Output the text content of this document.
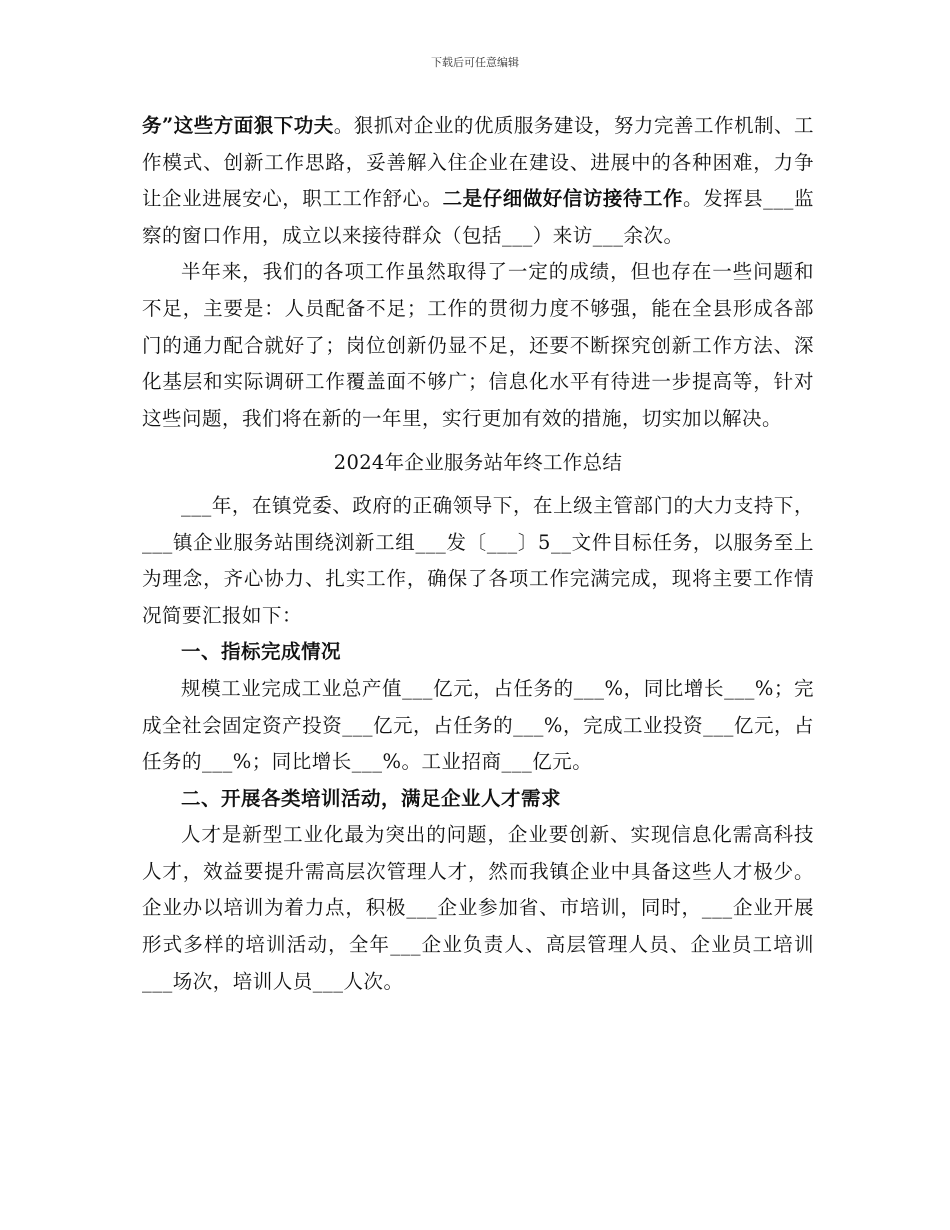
下载后可任意编辑

务”这些方面狠下功夫。狠抓对企业的优质服务建设，努力完善工作机制、工作模式、创新工作思路，妥善解入住企业在建设、进展中的各种困难，力争让企业进展安心，职工工作舒心。二是仔细做好信访接待工作。发挥县___监察的窗口作用，成立以来接待群众（包括___）来访___余次。

半年来，我们的各项工作虽然取得了一定的成绩，但也存在一些问题和不足，主要是：人员配备不足；工作的贯彻力度不够强，能在全县形成各部门的通力配合就好了；岗位创新仍显不足，还要不断探究创新工作方法、深化基层和实际调研工作覆盖面不够广；信息化水平有待进一步提高等，针对这些问题，我们将在新的一年里，实行更加有效的措施，切实加以解决。

2024年企业服务站年终工作总结

___年，在镇党委、政府的正确领导下，在上级主管部门的大力支持下，___镇企业服务站围绕浏新工组___发〔___〕5__文件目标任务，以服务至上为理念，齐心协力、扎实工作，确保了各项工作完满完成，现将主要工作情况简要汇报如下：

一、指标完成情况

规模工业完成工业总产值___亿元，占任务的___%，同比增长___%；完成全社会固定资产投资___亿元，占任务的___%，完成工业投资___亿元，占任务的___%；同比增长___%。工业招商___亿元。

二、开展各类培训活动，满足企业人才需求

人才是新型工业化最为突出的问题，企业要创新、实现信息化需高科技人才，效益要提升需高层次管理人才，然而我镇企业中具备这些人才极少。企业办以培训为着力点，积极___企业参加省、市培训，同时，___企业开展形式多样的培训活动，全年___企业负责人、高层管理人员、企业员工培训___场次，培训人员___人次。
